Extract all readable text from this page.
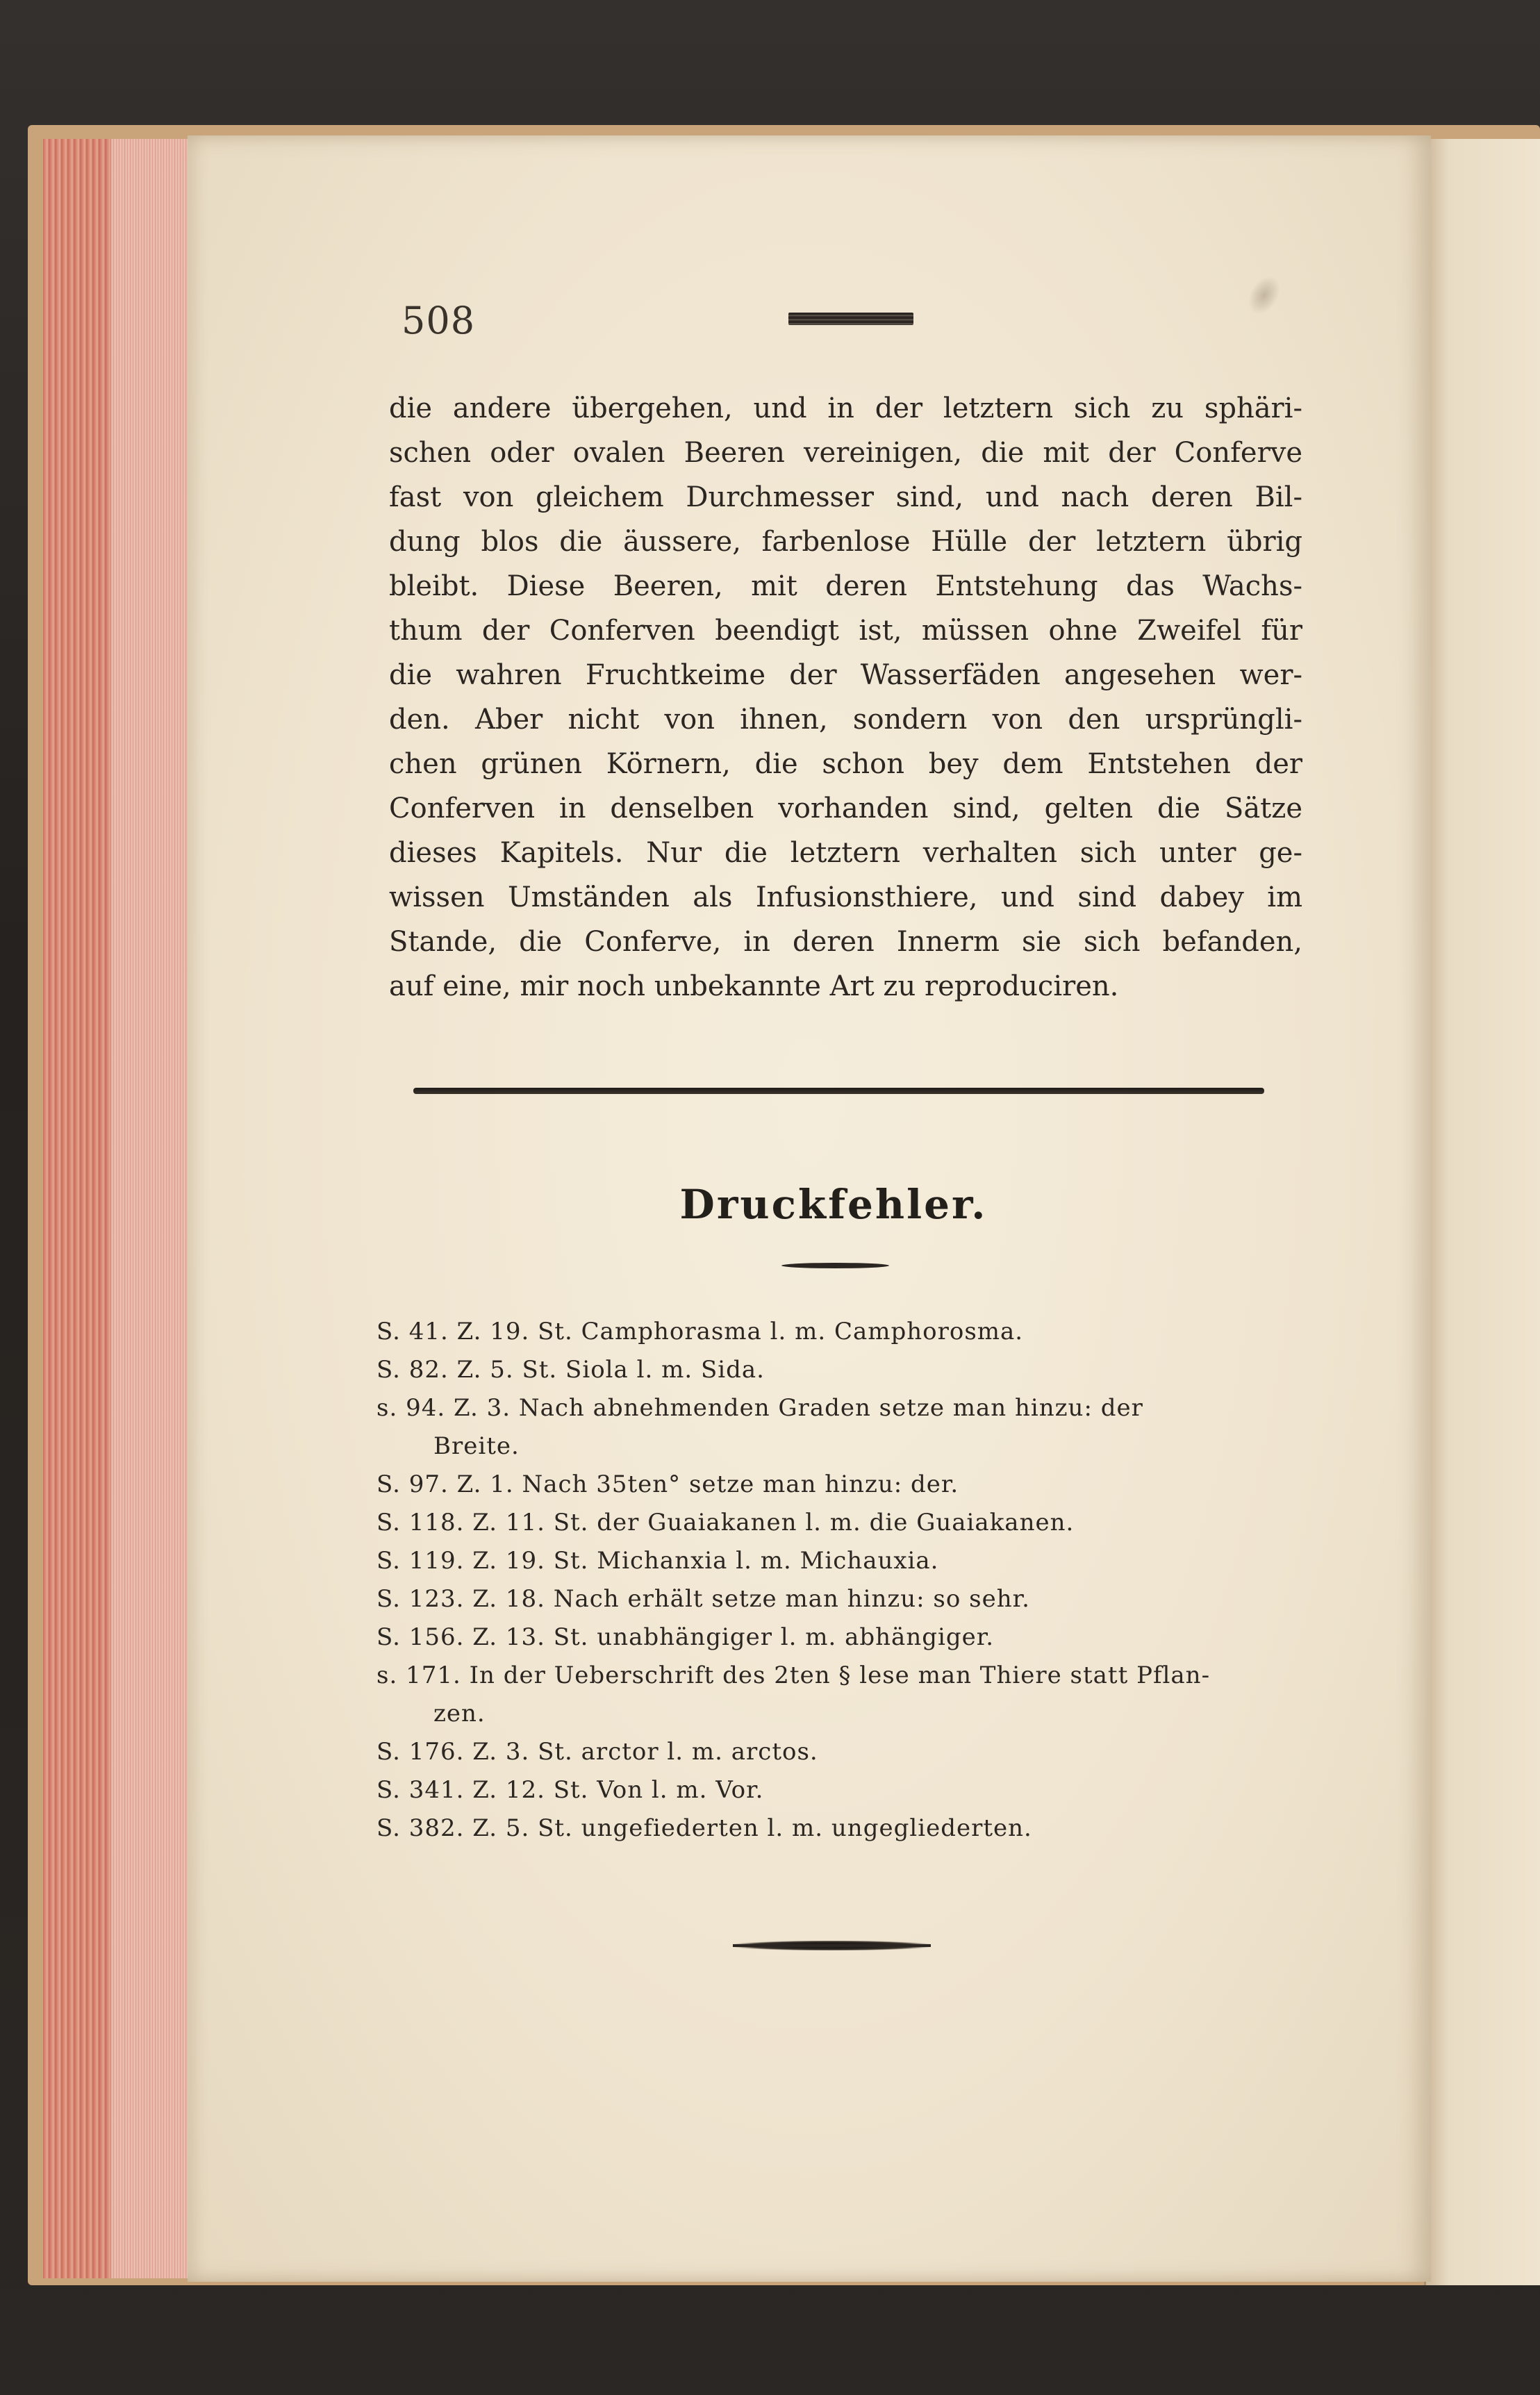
508
die andere übergehen, und in der letztern sich zu sphäri-
schen oder ovalen Beeren vereinigen, die mit der Conferve
fast von gleichem Durchmesser sind, und nach deren Bil-
dung blos die äussere, farbenlose Hülle der letztern übrig
bleibt. Diese Beeren, mit deren Entstehung das Wachs-
thum der Conferven beendigt ist, müssen ohne Zweifel für
die wahren Fruchtkeime der Wasserfäden angesehen wer-
den. Aber nicht von ihnen, sondern von den ursprüngli-
chen grünen Körnern, die schon bey dem Entstehen der
Conferven in denselben vorhanden sind, gelten die Sätze
dieses Kapitels. Nur die letztern verhalten sich unter ge-
wissen Umständen als Infusionsthiere, und sind dabey im
Stande, die Conferve, in deren Innerm sie sich befanden,
auf eine, mir noch unbekannte Art zu reproduciren.
Druckfehler.
S. 41. Z. 19. St. Camphorasma l. m. Camphorosma.
S. 82. Z. 5. St. Siola l. m. Sida.
s. 94. Z. 3. Nach abnehmenden Graden setze man hinzu: der
Breite.
S. 97. Z. 1. Nach 35ten° setze man hinzu: der.
S. 118. Z. 11. St. der Guaiakanen l. m. die Guaiakanen.
S. 119. Z. 19. St. Michanxia l. m. Michauxia.
S. 123. Z. 18. Nach erhält setze man hinzu: so sehr.
S. 156. Z. 13. St. unabhängiger l. m. abhängiger.
s. 171. In der Ueberschrift des 2ten § lese man Thiere statt Pflan-
zen.
S. 176. Z. 3. St. arctor l. m. arctos.
S. 341. Z. 12. St. Von l. m. Vor.
S. 382. Z. 5. St. ungefiederten l. m. ungegliederten.
